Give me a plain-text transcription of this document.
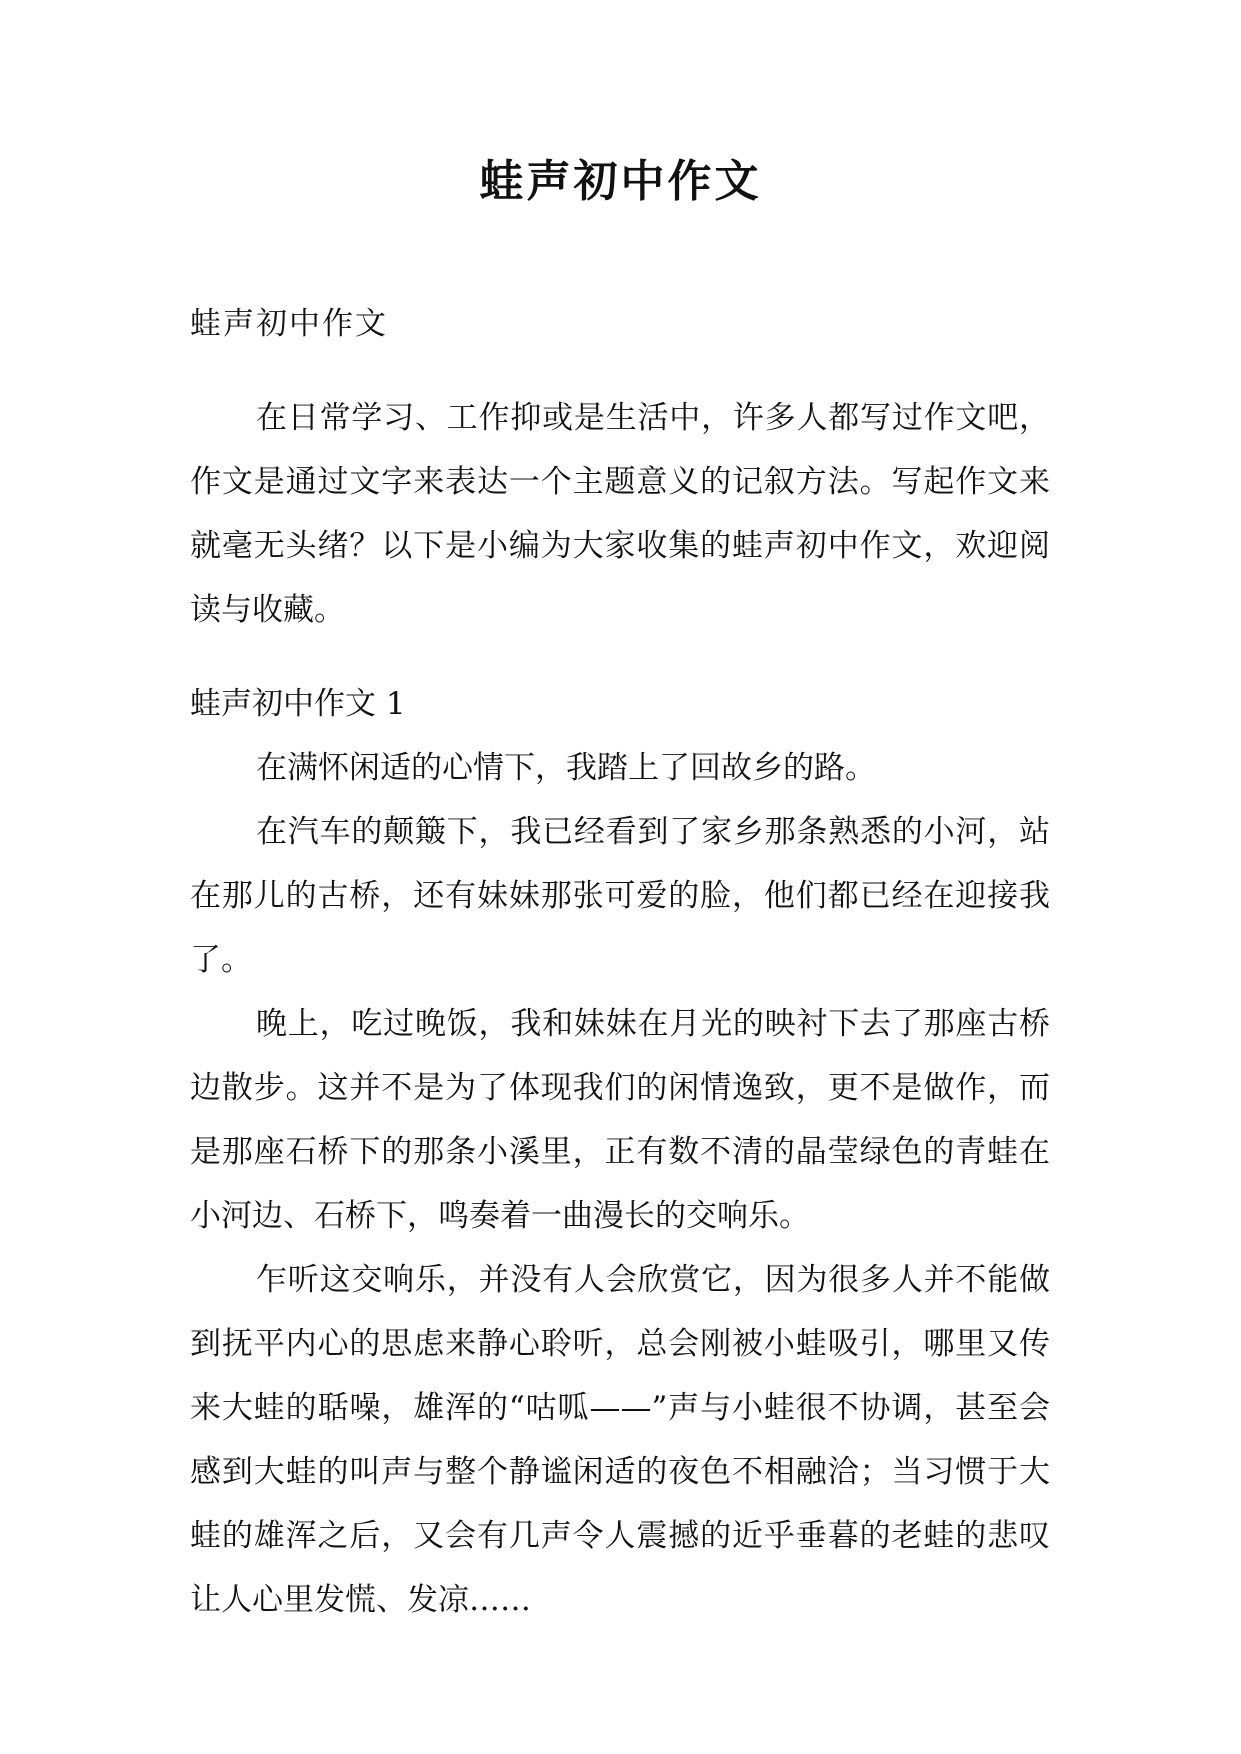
蛙声初中作文

蛙声初中作文

在日常学习、工作抑或是生活中，许多人都写过作文吧，作文是通过文字来表达一个主题意义的记叙方法。写起作文来就毫无头绪？以下是小编为大家收集的蛙声初中作文，欢迎阅读与收藏。

蛙声初中作文 1

在满怀闲适的心情下，我踏上了回故乡的路。

在汽车的颠簸下，我已经看到了家乡那条熟悉的小河，站在那儿的古桥，还有妹妹那张可爱的脸，他们都已经在迎接我了。

晚上，吃过晚饭，我和妹妹在月光的映衬下去了那座古桥边散步。这并不是为了体现我们的闲情逸致，更不是做作，而是那座石桥下的那条小溪里，正有数不清的晶莹绿色的青蛙在小河边、石桥下，鸣奏着一曲漫长的交响乐。

乍听这交响乐，并没有人会欣赏它，因为很多人并不能做到抚平内心的思虑来静心聆听，总会刚被小蛙吸引，哪里又传来大蛙的聒噪，雄浑的“咕呱——”声与小蛙很不协调，甚至会感到大蛙的叫声与整个静谧闲适的夜色不相融洽；当习惯于大蛙的雄浑之后，又会有几声令人震撼的近乎垂暮的老蛙的悲叹让人心里发慌、发凉……
